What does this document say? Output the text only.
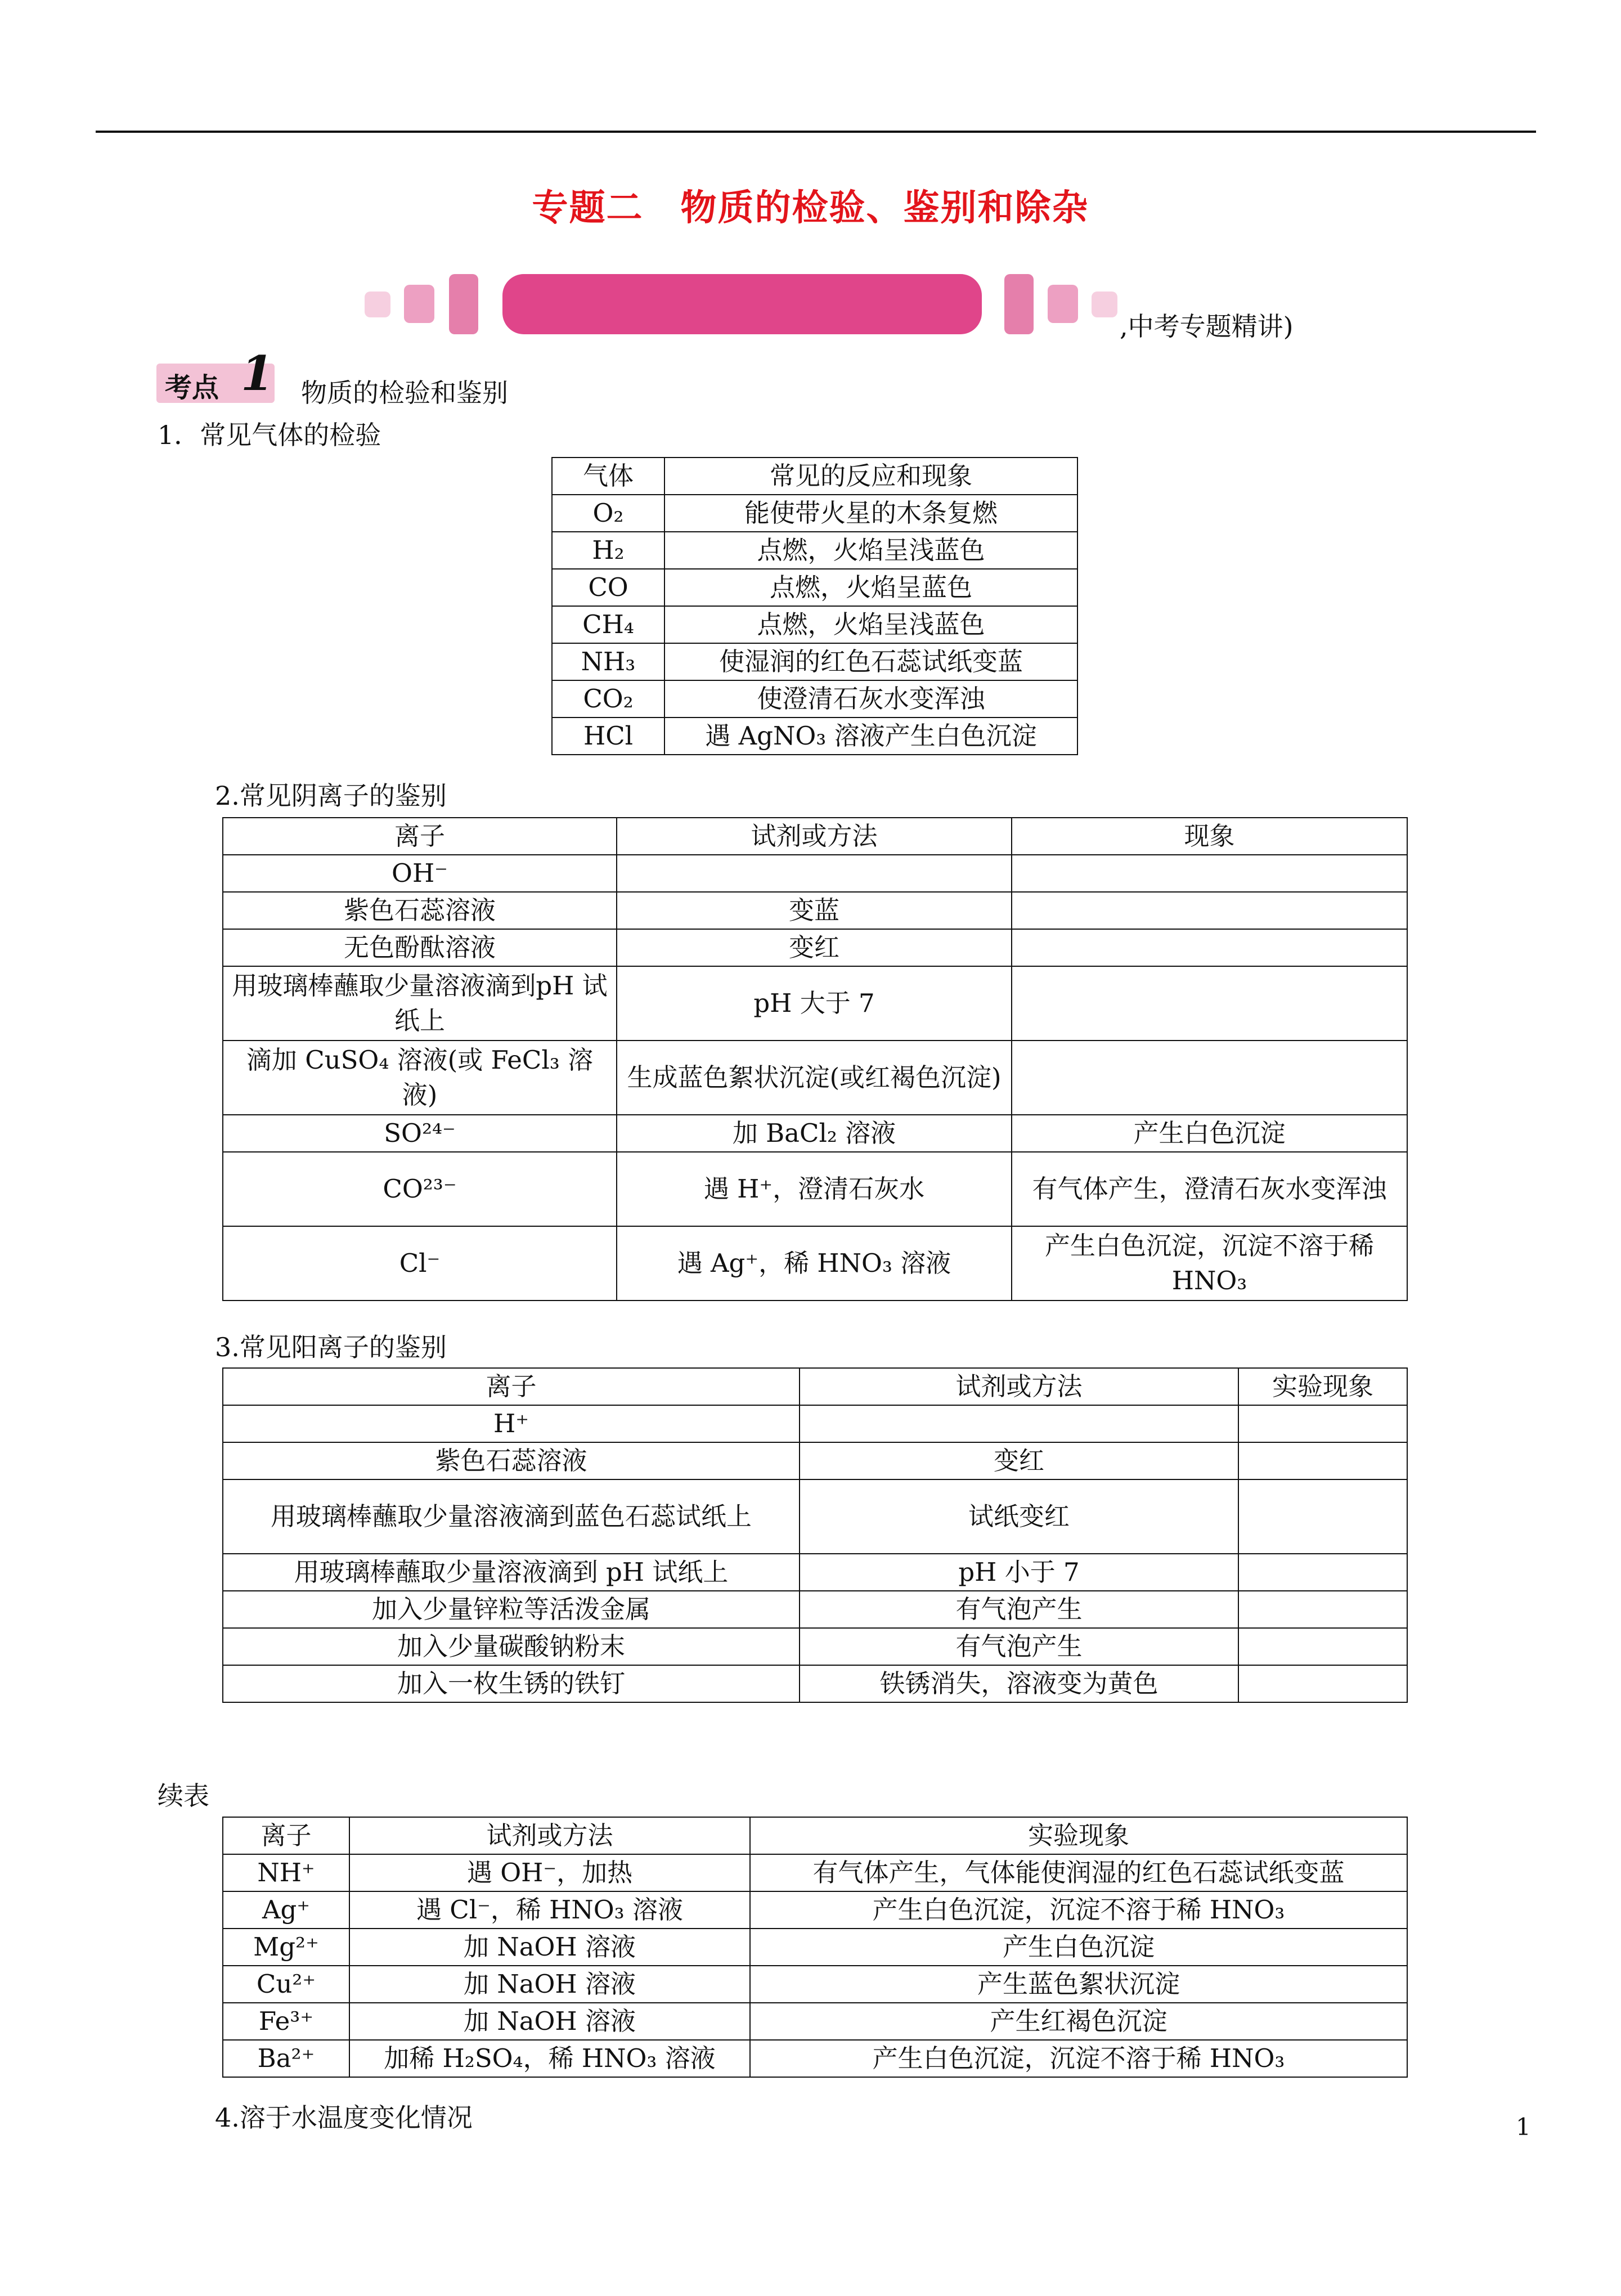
专题二　物质的检验、鉴别和除杂
,中考专题精讲)
考点 1 物质的检验和鉴别
1．常见气体的检验
气体	常见的反应和现象
O₂	能使带火星的木条复燃
H₂	点燃，火焰呈浅蓝色
CO	点燃，火焰呈蓝色
CH₄	点燃，火焰呈浅蓝色
NH₃	使湿润的红色石蕊试纸变蓝
CO₂	使澄清石灰水变浑浊
HCl	遇 AgNO₃ 溶液产生白色沉淀
2.常见阴离子的鉴别
离子	试剂或方法	现象
OH⁻		
紫色石蕊溶液	变蓝	
无色酚酞溶液	变红	
用玻璃棒蘸取少量溶液滴到pH 试纸上	pH 大于 7	
滴加 CuSO₄ 溶液(或 FeCl₃ 溶液)	生成蓝色絮状沉淀(或红褐色沉淀)	
SO²⁴⁻	加 BaCl₂ 溶液	产生白色沉淀
CO²³⁻	遇 H⁺，澄清石灰水	有气体产生，澄清石灰水变浑浊
Cl⁻	遇 Ag⁺，稀 HNO₃ 溶液	产生白色沉淀，沉淀不溶于稀 HNO₃
3.常见阳离子的鉴别
离子	试剂或方法	实验现象
H⁺		
紫色石蕊溶液	变红	
用玻璃棒蘸取少量溶液滴到蓝色石蕊试纸上	试纸变红	
用玻璃棒蘸取少量溶液滴到 pH 试纸上	pH 小于 7	
加入少量锌粒等活泼金属	有气泡产生	
加入少量碳酸钠粉末	有气泡产生	
加入一枚生锈的铁钉	铁锈消失，溶液变为黄色	
续表
离子	试剂或方法	实验现象
NH⁺	遇 OH⁻，加热	有气体产生，气体能使润湿的红色石蕊试纸变蓝
Ag⁺	遇 Cl⁻，稀 HNO₃ 溶液	产生白色沉淀，沉淀不溶于稀 HNO₃
Mg²⁺	加 NaOH 溶液	产生白色沉淀
Cu²⁺	加 NaOH 溶液	产生蓝色絮状沉淀
Fe³⁺	加 NaOH 溶液	产生红褐色沉淀
Ba²⁺	加稀 H₂SO₄，稀 HNO₃ 溶液	产生白色沉淀，沉淀不溶于稀 HNO₃
4.溶于水温度变化情况	1
